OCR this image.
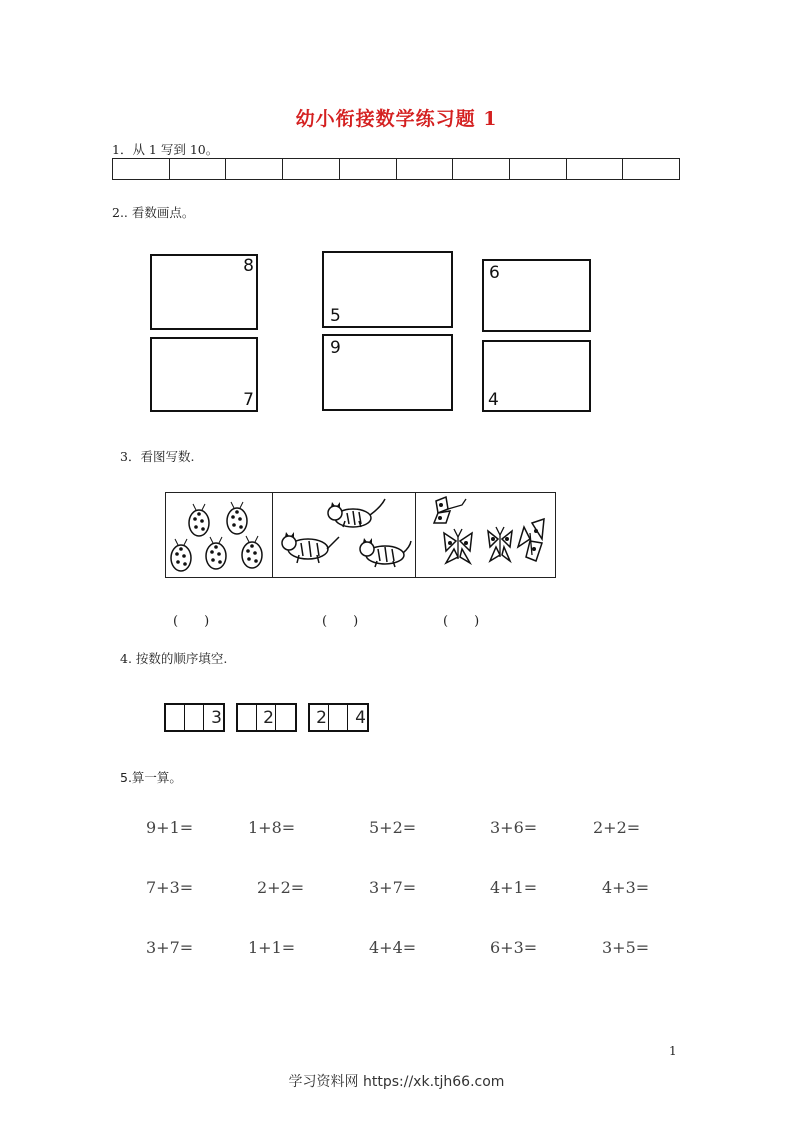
幼小衔接数学练习题 1
1．从 1 写到 10。
2.. 看数画点。
8
5
6
7
9
4
3．看图写数.
(　　)	(　　)	(　　)
4. 按数的顺序填空.
3	2	2	4
5.算一算。
9+1=	1+8=	5+2=	3+6=	2+2=
7+3=	2+2=	3+7=	4+1=	4+3=
3+7=	1+1=	4+4=	6+3=	3+5=
1
学习资料网 https://xk.tjh66.com
